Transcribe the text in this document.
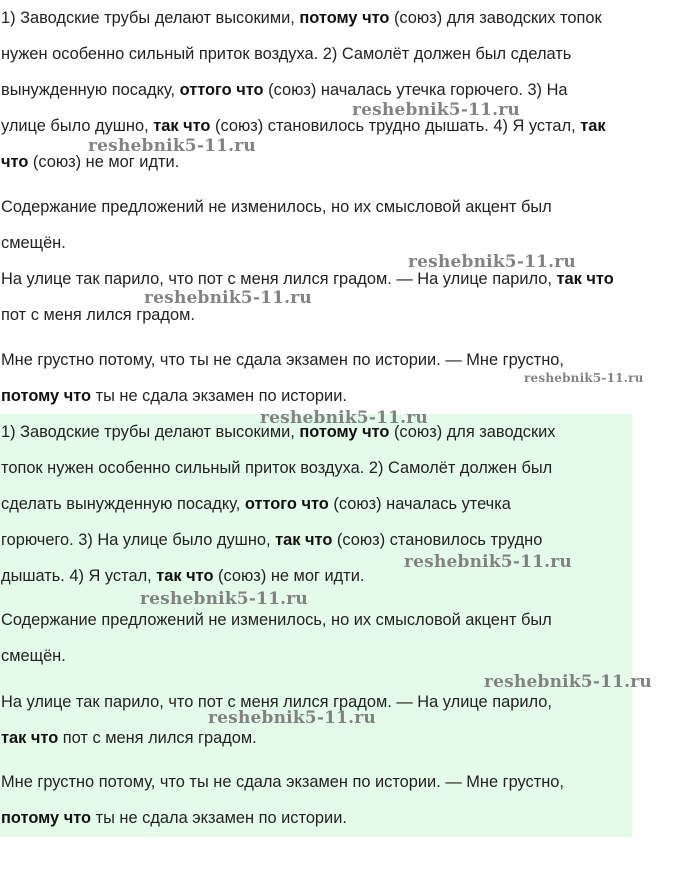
1) Заводские трубы делают высокими, потому что (союз) для заводских топок
нужен особенно сильный приток воздуха. 2) Самолёт должен был сделать
вынужденную посадку, оттого что (союз) началась утечка горючего. 3) На
улице было душно, так что (союз) становилось трудно дышать. 4) Я устал, так
что (союз) не мог идти.
Содержание предложений не изменилось, но их смысловой акцент был
смещён.
На улице так парило, что пот с меня лился градом. — На улице парило, так что
пот с меня лился градом.
Мне грустно потому, что ты не сдала экзамен по истории. — Мне грустно,
потому что ты не сдала экзамен по истории.
1) Заводские трубы делают высокими, потому что (союз) для заводских
топок нужен особенно сильный приток воздуха. 2) Самолёт должен был
сделать вынужденную посадку, оттого что (союз) началась утечка
горючего. 3) На улице было душно, так что (союз) становилось трудно
дышать. 4) Я устал, так что (союз) не мог идти.
Содержание предложений не изменилось, но их смысловой акцент был
смещён.
На улице так парило, что пот с меня лился градом. — На улице парило,
так что пот с меня лился градом.
Мне грустно потому, что ты не сдала экзамен по истории. — Мне грустно,
потому что ты не сдала экзамен по истории.
reshebnik5-11.ru
reshebnik5-11.ru
reshebnik5-11.ru
reshebnik5-11.ru
reshebnik5-11.ru
reshebnik5-11.ru
reshebnik5-11.ru
reshebnik5-11.ru
reshebnik5-11.ru
reshebnik5-11.ru
